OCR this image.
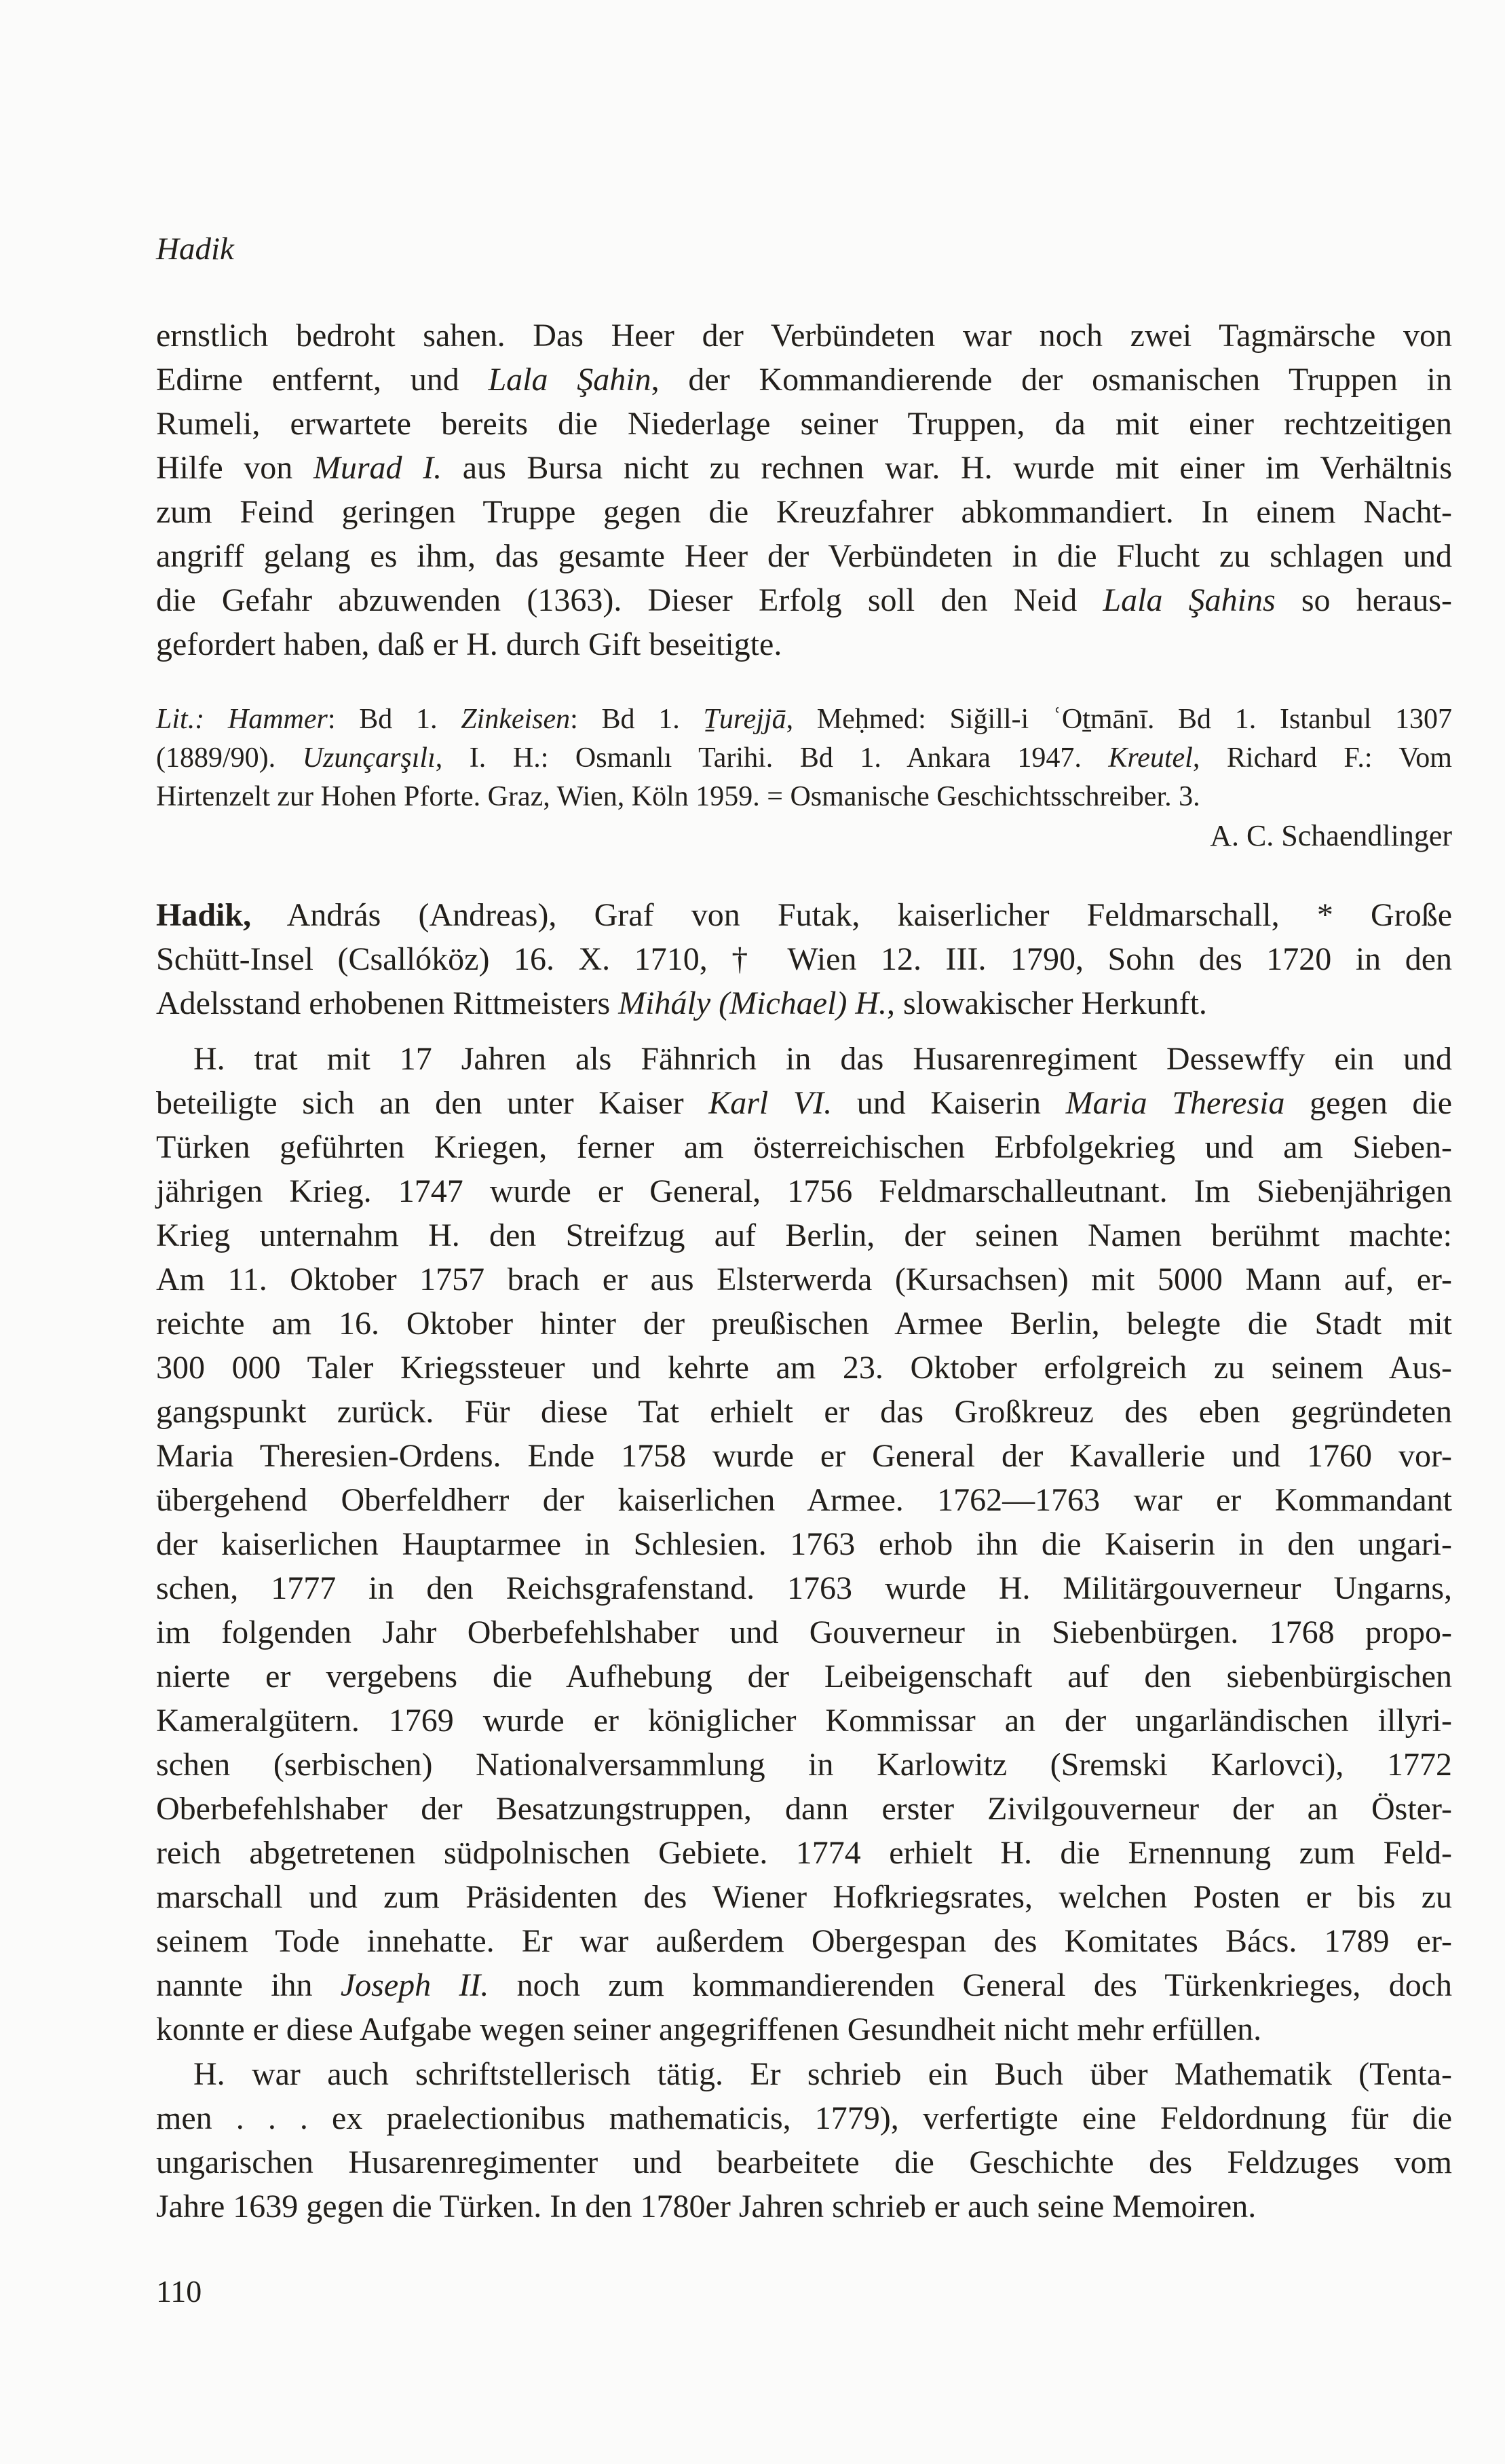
Hadik
ernstlich bedroht sahen. Das Heer der Verbündeten war noch zwei Tagmärsche von
Edirne entfernt, und Lala Şahin, der Kommandierende der osmanischen Truppen in
Rumeli, erwartete bereits die Niederlage seiner Truppen, da mit einer rechtzeitigen
Hilfe von Murad I. aus Bursa nicht zu rechnen war. H. wurde mit einer im Verhältnis
zum Feind geringen Truppe gegen die Kreuzfahrer abkommandiert. In einem Nacht-
angriff gelang es ihm, das gesamte Heer der Verbündeten in die Flucht zu schlagen und
die Gefahr abzuwenden (1363). Dieser Erfolg soll den Neid Lala Şahins so heraus-
gefordert haben, daß er H. durch Gift beseitigte.
Lit.: Hammer: Bd 1. Zinkeisen: Bd 1. Ṯurejjā, Meḥmed: Siğill-i ʿOṯmānī. Bd 1. Istanbul 1307
(1889/90). Uzunçarşılı, I. H.: Osmanlı Tarihi. Bd 1. Ankara 1947. Kreutel, Richard F.: Vom
Hirtenzelt zur Hohen Pforte. Graz, Wien, Köln 1959. = Osmanische Geschichtsschreiber. 3.
A. C. Schaendlinger
Hadik, András (Andreas), Graf von Futak, kaiserlicher Feldmarschall, * Große
Schütt-Insel (Csallóköz) 16. X. 1710, † Wien 12. III. 1790, Sohn des 1720 in den
Adelsstand erhobenen Rittmeisters Mihály (Michael) H., slowakischer Herkunft.
H. trat mit 17 Jahren als Fähnrich in das Husarenregiment Dessewffy ein und
beteiligte sich an den unter Kaiser Karl VI. und Kaiserin Maria Theresia gegen die
Türken geführten Kriegen, ferner am österreichischen Erbfolgekrieg und am Sieben-
jährigen Krieg. 1747 wurde er General, 1756 Feldmarschalleutnant. Im Siebenjährigen
Krieg unternahm H. den Streifzug auf Berlin, der seinen Namen berühmt machte:
Am 11. Oktober 1757 brach er aus Elsterwerda (Kursachsen) mit 5000 Mann auf, er-
reichte am 16. Oktober hinter der preußischen Armee Berlin, belegte die Stadt mit
300 000 Taler Kriegssteuer und kehrte am 23. Oktober erfolgreich zu seinem Aus-
gangspunkt zurück. Für diese Tat erhielt er das Großkreuz des eben gegründeten
Maria Theresien-Ordens. Ende 1758 wurde er General der Kavallerie und 1760 vor-
übergehend Oberfeldherr der kaiserlichen Armee. 1762—1763 war er Kommandant
der kaiserlichen Hauptarmee in Schlesien. 1763 erhob ihn die Kaiserin in den ungari-
schen, 1777 in den Reichsgrafenstand. 1763 wurde H. Militärgouverneur Ungarns,
im folgenden Jahr Oberbefehlshaber und Gouverneur in Siebenbürgen. 1768 propo-
nierte er vergebens die Aufhebung der Leibeigenschaft auf den siebenbürgischen
Kameralgütern. 1769 wurde er königlicher Kommissar an der ungarländischen illyri-
schen (serbischen) Nationalversammlung in Karlowitz (Sremski Karlovci), 1772
Oberbefehlshaber der Besatzungstruppen, dann erster Zivilgouverneur der an Öster-
reich abgetretenen südpolnischen Gebiete. 1774 erhielt H. die Ernennung zum Feld-
marschall und zum Präsidenten des Wiener Hofkriegsrates, welchen Posten er bis zu
seinem Tode innehatte. Er war außerdem Obergespan des Komitates Bács. 1789 er-
nannte ihn Joseph II. noch zum kommandierenden General des Türkenkrieges, doch
konnte er diese Aufgabe wegen seiner angegriffenen Gesundheit nicht mehr erfüllen.
H. war auch schriftstellerisch tätig. Er schrieb ein Buch über Mathematik (Tenta-
men . . . ex praelectionibus mathematicis, 1779), verfertigte eine Feldordnung für die
ungarischen Husarenregimenter und bearbeitete die Geschichte des Feldzuges vom
Jahre 1639 gegen die Türken. In den 1780er Jahren schrieb er auch seine Memoiren.
110
